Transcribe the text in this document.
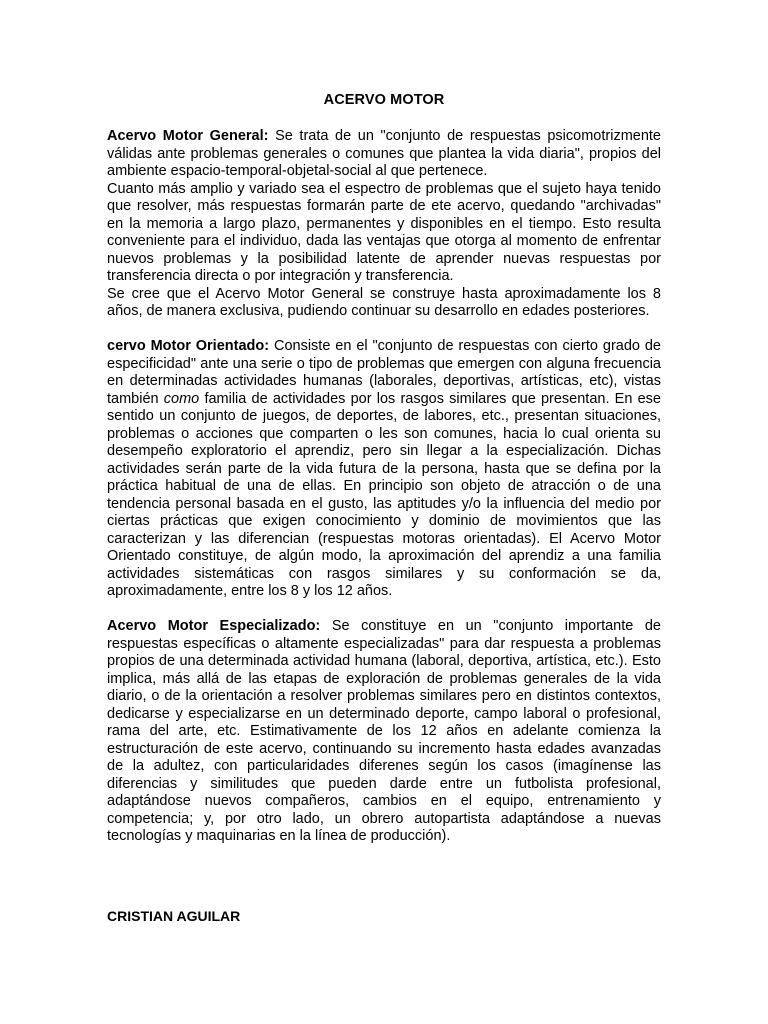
ACERVO MOTOR

Acervo Motor General: Se trata de un "conjunto de respuestas psicomotrizmente válidas ante problemas generales o comunes que plantea la vida diaria", propios del ambiente espacio-temporal-objetal-social al que pertenece.

Cuanto más amplio y variado sea el espectro de problemas que el sujeto haya tenido que resolver, más respuestas formarán parte de ete acervo, quedando "archivadas" en la memoria a largo plazo, permanentes y disponibles en el tiempo. Esto resulta conveniente para el individuo, dada las ventajas que otorga al momento de enfrentar nuevos problemas y la posibilidad latente de aprender nuevas respuestas por transferencia directa o por integración y transferencia.

Se cree que el Acervo Motor General se construye hasta aproximadamente los 8 años, de manera exclusiva, pudiendo continuar su desarrollo en edades posteriores.

cervo Motor Orientado: Consiste en el "conjunto de respuestas con cierto grado de especificidad" ante una serie o tipo de problemas que emergen con alguna frecuencia en determinadas actividades humanas (laborales, deportivas, artísticas, etc), vistas también como familia de actividades por los rasgos similares que presentan. En ese sentido un conjunto de juegos, de deportes, de labores, etc., presentan situaciones, problemas o acciones que comparten o les son comunes, hacia lo cual orienta su desempeño exploratorio el aprendiz, pero sin llegar a la especialización. Dichas actividades serán parte de la vida futura de la persona, hasta que se defina por la práctica habitual de una de ellas. En principio son objeto de atracción o de una tendencia personal basada en el gusto, las aptitudes y/o la influencia del medio por ciertas prácticas que exigen conocimiento y dominio de movimientos que las caracterizan y las diferencian (respuestas motoras orientadas). El Acervo Motor Orientado constituye, de algún modo, la aproximación del aprendiz a una familia actividades sistemáticas con rasgos similares y su conformación se da, aproximadamente, entre los 8 y los 12 años.

Acervo Motor Especializado: Se constituye en un "conjunto importante de respuestas específicas o altamente especializadas" para dar respuesta a problemas propios de una determinada actividad humana (laboral, deportiva, artística, etc.). Esto implica, más allá de las etapas de exploración de problemas generales de la vida diario, o de la orientación a resolver problemas similares pero en distintos contextos, dedicarse y especializarse en un determinado deporte, campo laboral o profesional, rama del arte, etc. Estimativamente de los 12 años en adelante comienza la estructuración de este acervo, continuando su incremento hasta edades avanzadas de la adultez, con particularidades diferenes según los casos (imagínense las diferencias y similitudes que pueden darde entre un futbolista profesional, adaptándose nuevos compañeros, cambios en el equipo, entrenamiento y competencia; y, por otro lado, un obrero autopartista adaptándose a nuevas tecnologías y maquinarias en la línea de producción).

CRISTIAN AGUILAR
